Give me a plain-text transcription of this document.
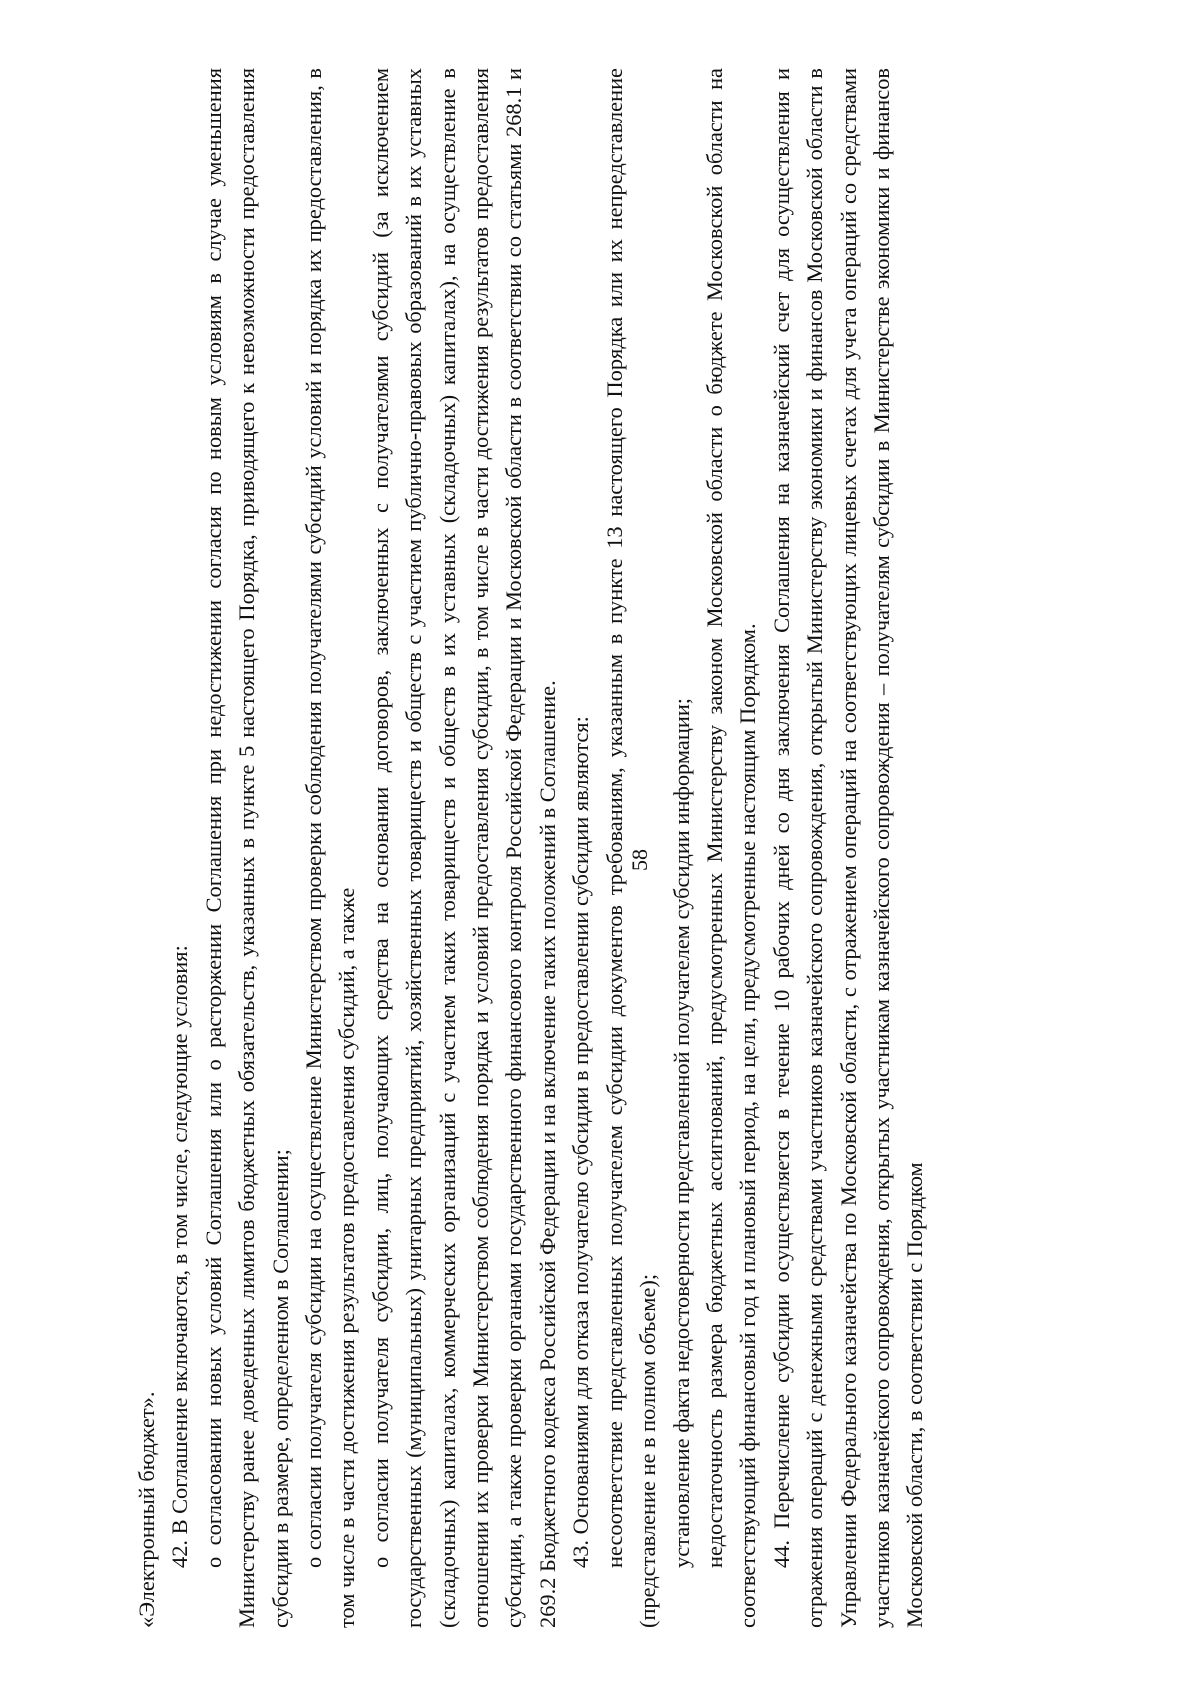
58

«Электронный бюджет». 42. В Соглашение включаются, в том числе, следующие условия: о согласовании новых условий Соглашения или о расторжении Соглашения при недостижении согласия по новым условиям в случае уменьшения Министерству ранее доведенных лимитов бюджетных обязательств, указанных в пункте 5 настоящего Порядка, приводящего к невозможности предоставления субсидии в размере, определенном в Соглашении; о согласии получателя субсидии на осуществление Министерством проверки соблюдения получателями субсидий условий и порядка их предоставления, в том числе в части достижения результатов предоставления субсидий, а также о согласии получателя субсидии, лиц, получающих средства на основании договоров, заключенных с получателями субсидий (за исключением государственных (муниципальных) унитарных предприятий, хозяйственных товариществ и обществ с участием публично-правовых образований в их уставных (складочных) капиталах, коммерческих организаций с участием таких товариществ и обществ в их уставных (складочных) капиталах), на осуществление в отношении их проверки Министерством соблюдения порядка и условий предоставления субсидии, в том числе в части достижения результатов предоставления субсидии, а также проверки органами государственного финансового контроля Российской Федерации и Московской области в соответствии со статьями 268.1 и 269.2 Бюджетного кодекса Российской Федерации и на включение таких положений в Соглашение. 43. Основаниями для отказа получателю субсидии в предоставлении субсидии являются: несоответствие представленных получателем субсидии документов требованиям, указанным в пункте 13 настоящего Порядка или их непредставление (представление не в полном объеме); установление факта недостоверности представленной получателем субсидии информации; недостаточность размера бюджетных ассигнований, предусмотренных Министерству законом Московской области о бюджете Московской области на соответствующий финансовый год и плановый период, на цели, предусмотренные настоящим Порядком. 44. Перечисление субсидии осуществляется в течение 10 рабочих дней со дня заключения Соглашения на казначейский счет для осуществления и отражения операций с денежными средствами участников казначейского сопровождения, открытый Министерству экономики и финансов Московской области в Управлении Федерального казначейства по Московской области, с отражением операций на соответствующих лицевых счетах для учета операций со средствами участников казначейского сопровождения, открытых участникам казначейского сопровождения – получателям субсидии в Министерстве экономики и финансов Московской области, в соответствии с Порядком
